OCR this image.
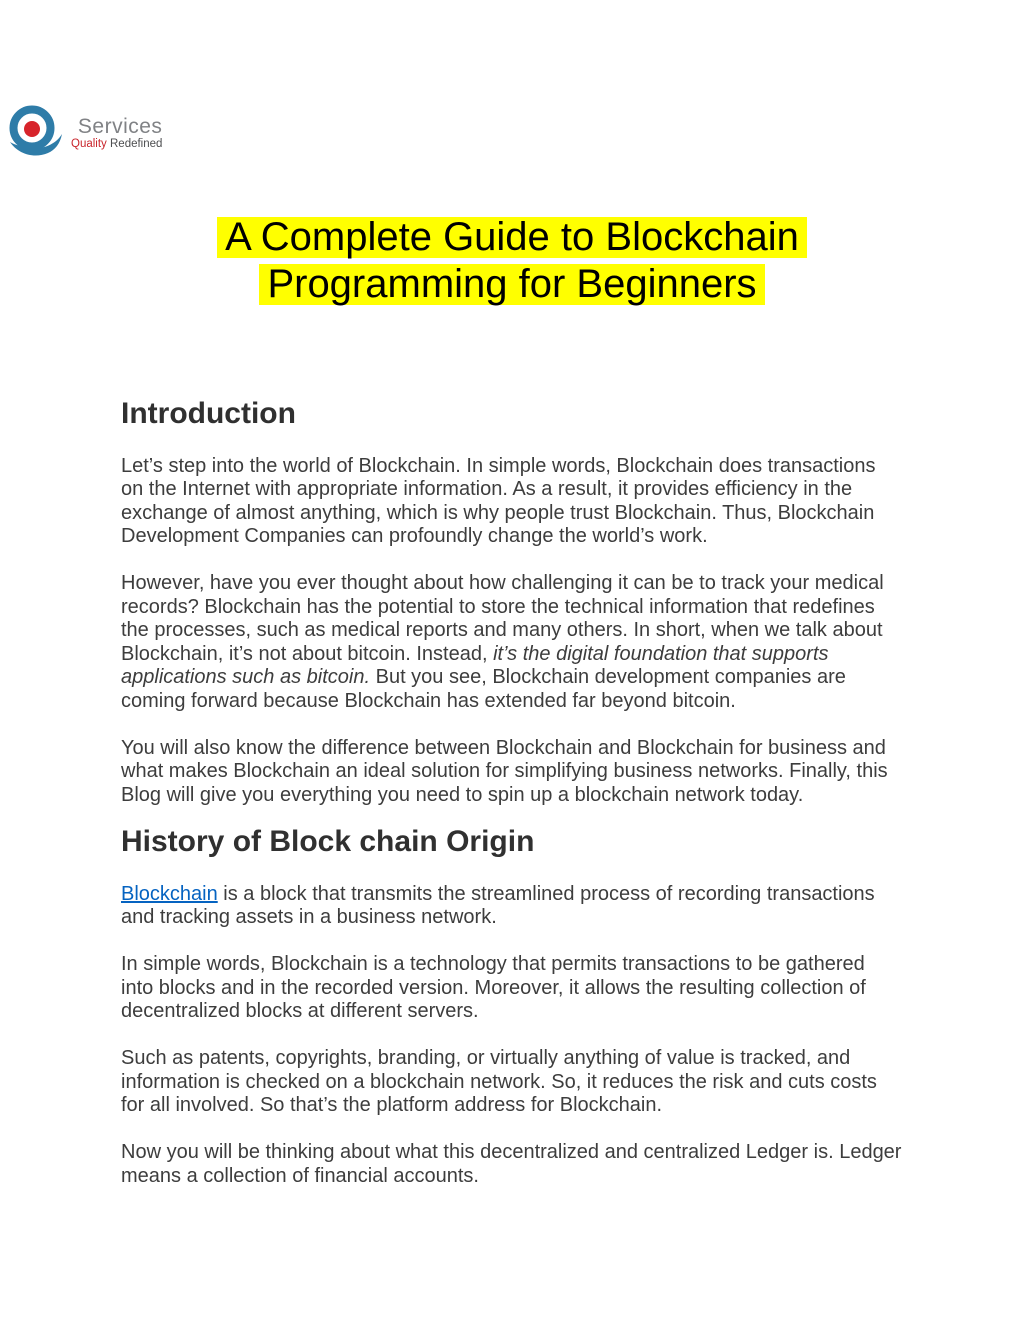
Services
Quality Redefined
A Complete Guide to Blockchain
Programming for Beginners
Introduction

Let’s step into the world of Blockchain. In simple words, Blockchain does transactions on the Internet with appropriate information. As a result, it provides efficiency in the exchange of almost anything, which is why people trust Blockchain. Thus, Blockchain Development Companies can profoundly change the world’s work.

However, have you ever thought about how challenging it can be to track your medical records? Blockchain has the potential to store the technical information that redefines the processes, such as medical reports and many others. In short, when we talk about Blockchain, it’s not about bitcoin. Instead, it’s the digital foundation that supports applications such as bitcoin. But you see, Blockchain development companies are coming forward because Blockchain has extended far beyond bitcoin.

You will also know the difference between Blockchain and Blockchain for business and what makes Blockchain an ideal solution for simplifying business networks. Finally, this Blog will give you everything you need to spin up a blockchain network today.

History of Block chain Origin

Blockchain is a block that transmits the streamlined process of recording transactions and tracking assets in a business network.

In simple words, Blockchain is a technology that permits transactions to be gathered into blocks and in the recorded version. Moreover, it allows the resulting collection of decentralized blocks at different servers.

Such as patents, copyrights, branding, or virtually anything of value is tracked, and information is checked on a blockchain network. So, it reduces the risk and cuts costs for all involved. So that’s the platform address for Blockchain.

Now you will be thinking about what this decentralized and centralized Ledger is. Ledger means a collection of financial accounts.
